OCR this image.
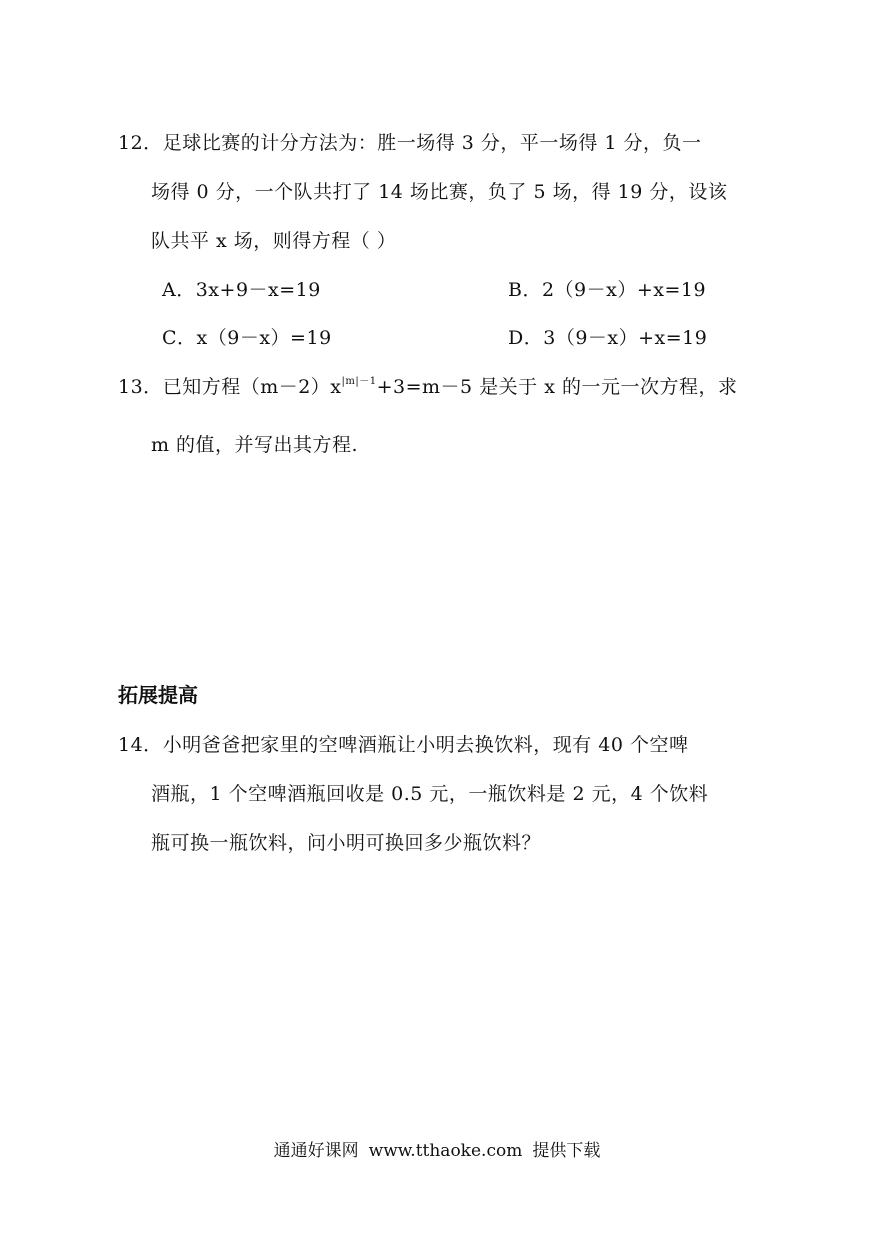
12．足球比赛的计分方法为：胜一场得 3 分，平一场得 1 分，负一
场得 0 分，一个队共打了 14 场比赛，负了 5 场，得 19 分，设该
队共平 x 场，则得方程（ ）
A．3x+9－x=19	B．2（9－x）+x=19
C．x（9－x）=19	D．3（9－x）+x=19
13．已知方程$(m-2)x^{|m|-1}+3=m-5$ 是关于 x 的一元一次方程，求
m 的值，并写出其方程.
拓展提高
14．小明爸爸把家里的空啤酒瓶让小明去换饮料，现有 40 个空啤
酒瓶，1 个空啤酒瓶回收是 0.5 元，一瓶饮料是 2 元，4 个饮料
瓶可换一瓶饮料，问小明可换回多少瓶饮料？
通通好课网 www.tthaoke.com 提供下载
